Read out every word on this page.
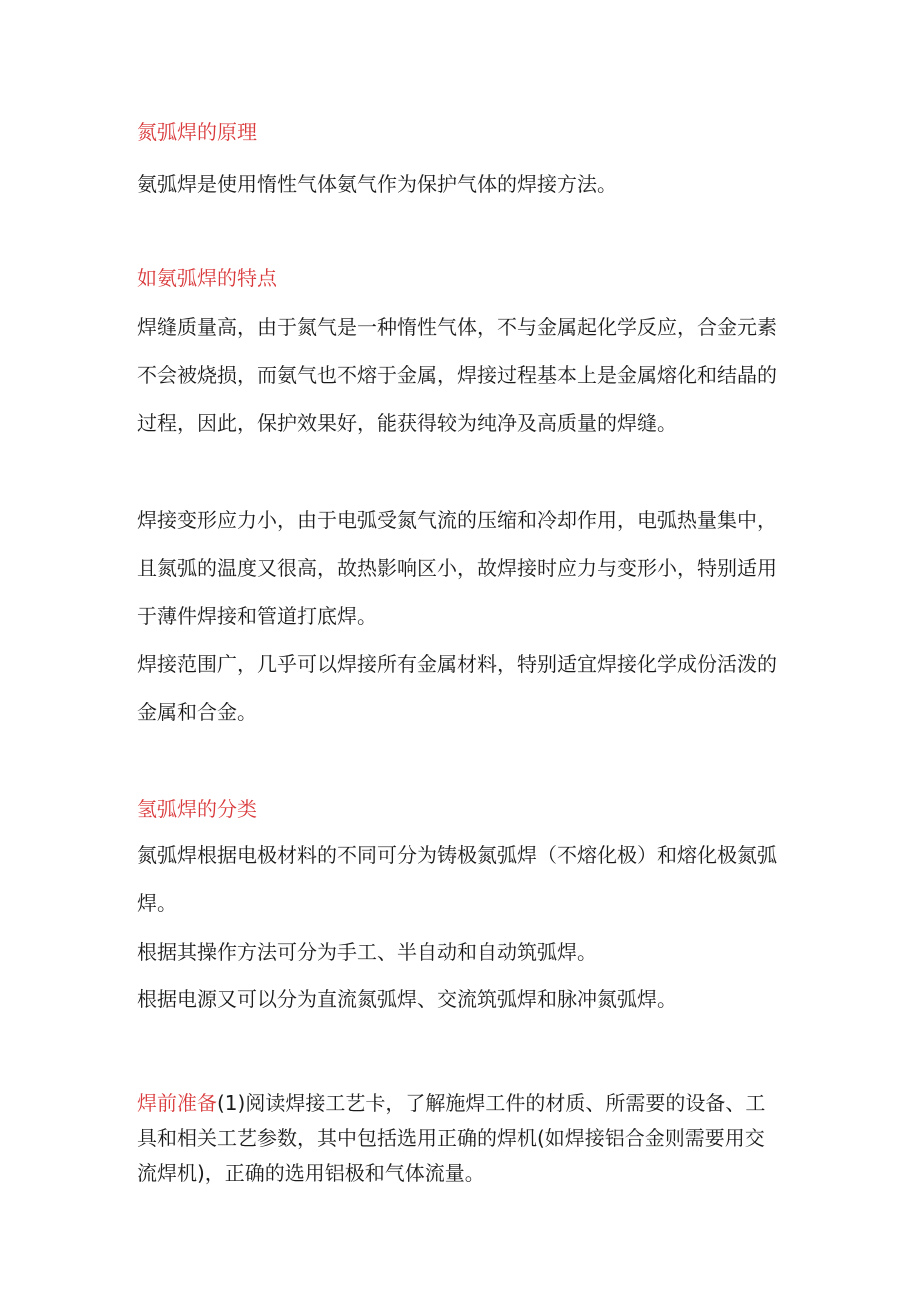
氮弧焊的原理

氨弧焊是使用惰性气体氨气作为保护气体的焊接方法。

如氨弧焊的特点

焊缝质量高，由于氮气是一种惰性气体，不与金属起化学反应，合金元素不会被烧损，而氨气也不熔于金属，焊接过程基本上是金属熔化和结晶的过程，因此，保护效果好，能获得较为纯净及高质量的焊缝。

焊接变形应力小，由于电弧受氮气流的压缩和冷却作用，电弧热量集中，且氮弧的温度又很高，故热影响区小，故焊接时应力与变形小，特别适用于薄件焊接和管道打底焊。

焊接范围广，几乎可以焊接所有金属材料，特别适宜焊接化学成份活泼的金属和合金。

氢弧焊的分类

氮弧焊根据电极材料的不同可分为铸极氮弧焊（不熔化极）和熔化极氮弧焊。

根据其操作方法可分为手工、半自动和自动筑弧焊。

根据电源又可以分为直流氮弧焊、交流筑弧焊和脉冲氮弧焊。

焊前准备(1)阅读焊接工艺卡，了解施焊工件的材质、所需要的设备、工具和相关工艺参数，其中包括选用正确的焊机(如焊接铝合金则需要用交流焊机)，正确的选用铝极和气体流量。
